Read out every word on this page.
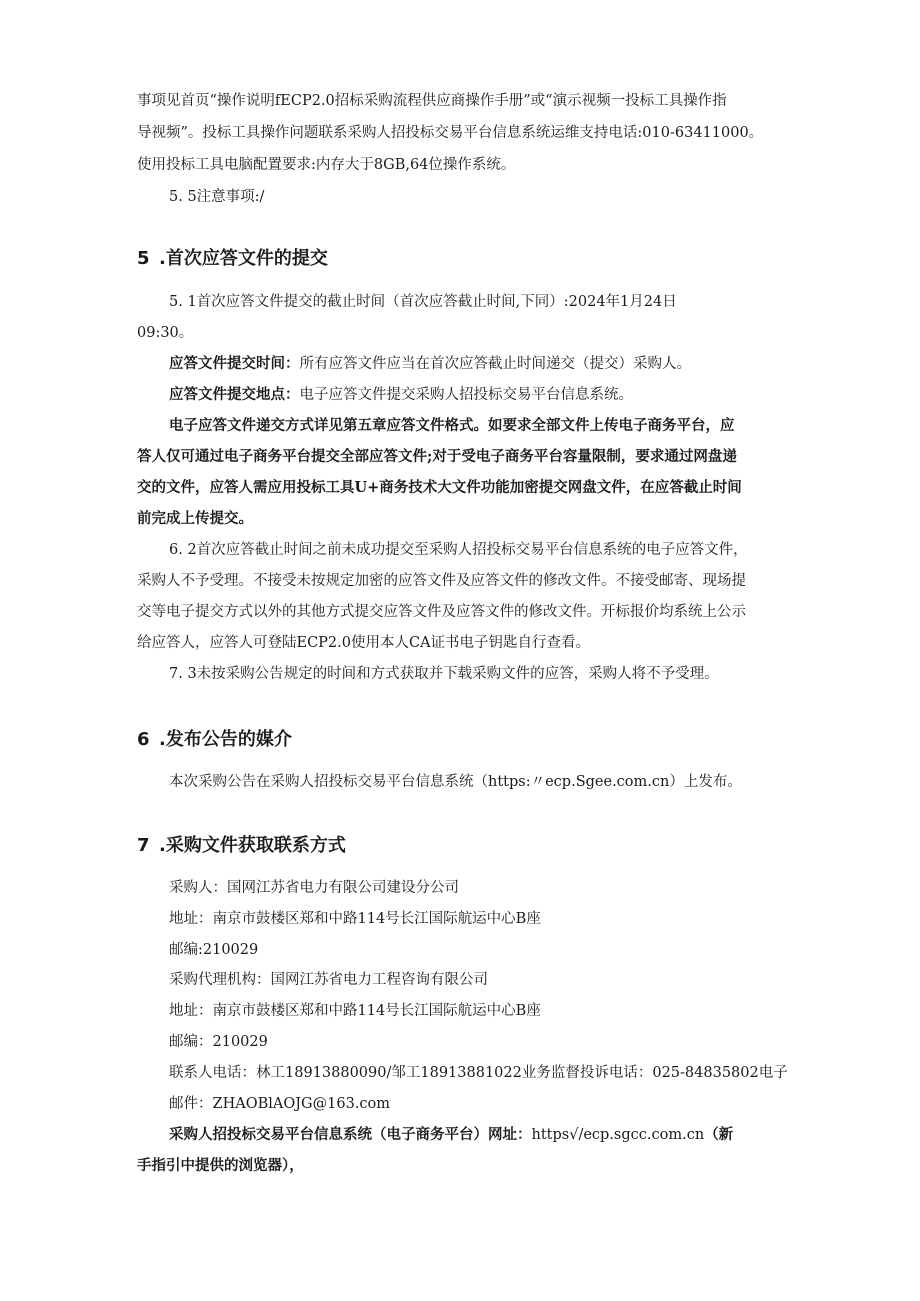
事项见首页“操作说明fECP2.0招标采购流程供应商操作手册”或“演示视频一投标工具操作指

导视频”。投标工具操作问题联系采购人招投标交易平台信息系统运维支持电话:010-63411000。

使用投标工具电脑配置要求:内存大于8GB,64位操作系统。

5. 5注意事项:/

5 .首次应答文件的提交

5. 1首次应答文件提交的截止时间（首次应答截止时间,下同）:2024年1月24日

09:30。

应答文件提交时间：所有应答文件应当在首次应答截止时间递交（提交）采购人。

应答文件提交地点：电子应答文件提交采购人招投标交易平台信息系统。

电子应答文件递交方式详见第五章应答文件格式。如要求全部文件上传电子商务平台，应

答人仅可通过电子商务平台提交全部应答文件;对于受电子商务平台容量限制，要求通过网盘递

交的文件，应答人需应用投标工具U+商务技术大文件功能加密提交网盘文件，在应答截止时间

前完成上传提交。

6. 2首次应答截止时间之前未成功提交至采购人招投标交易平台信息系统的电子应答文件，

采购人不予受理。不接受未按规定加密的应答文件及应答文件的修改文件。不接受邮寄、现场提

交等电子提交方式以外的其他方式提交应答文件及应答文件的修改文件。开标报价均系统上公示

给应答人，应答人可登陆ECP2.0使用本人CA证书电子钥匙自行查看。

7. 3未按采购公告规定的时间和方式获取并下载采购文件的应答，采购人将不予受理。

6 .发布公告的媒介

本次采购公告在采购人招投标交易平台信息系统（https:〃ecp.Sgee.com.cn）上发布。

7 .采购文件获取联系方式

采购人：国网江苏省电力有限公司建设分公司

地址：南京市鼓楼区郑和中路114号长江国际航运中心B座

邮编:210029

采购代理机构：国网江苏省电力工程咨询有限公司

地址：南京市鼓楼区郑和中路114号长江国际航运中心B座

邮编：210029

联系人电话：林工18913880090/邹工18913881022业务监督投诉电话：025-84835802电子

邮件：ZHAOBlAOJG@163.com

采购人招投标交易平台信息系统（电子商务平台）网址：https√/ecp.sgcc.com.cn（新

手指引中提供的浏览器），
